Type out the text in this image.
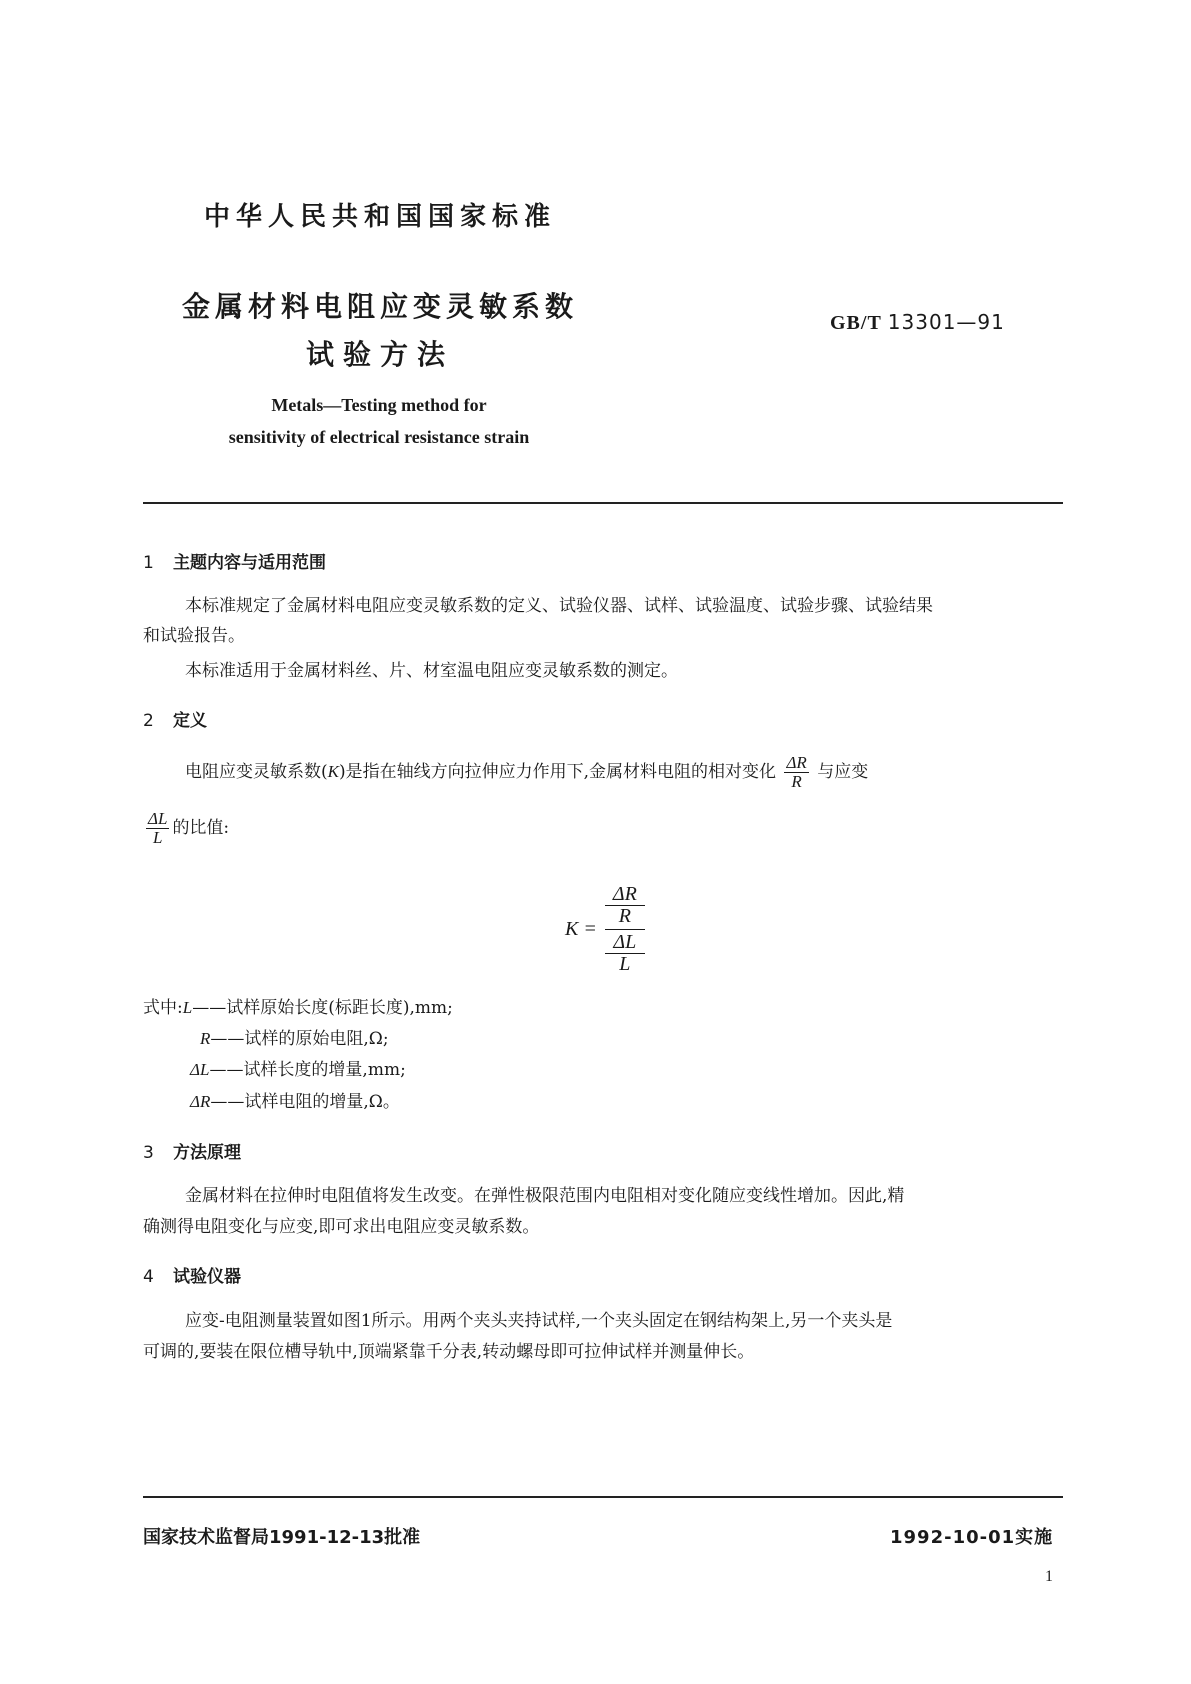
中华人民共和国国家标准
金属材料电阻应变灵敏系数
试验方法
GB/T 13301—91
Metals—Testing method for
sensitivity of electrical resistance strain
1 主题内容与适用范围
本标准规定了金属材料电阻应变灵敏系数的定义、试验仪器、试样、试验温度、试验步骤、试验结果
和试验报告。
本标准适用于金属材料丝、片、材室温电阻应变灵敏系数的测定。
2 定义
电阻应变灵敏系数(K)是指在轴线方向拉伸应力作用下,金属材料电阻的相对变化 $\frac{\Delta R}{R}$ 与应变
$\frac{\Delta L}{L}$ 的比值:
K =
ΔR
R
ΔL
L
式中:L——试样原始长度(标距长度),mm;
R——试样的原始电阻,Ω;
ΔL——试样长度的增量,mm;
ΔR——试样电阻的增量,Ω。
3 方法原理
金属材料在拉伸时电阻值将发生改变。在弹性极限范围内电阻相对变化随应变线性增加。因此,精
确测得电阻变化与应变,即可求出电阻应变灵敏系数。
4 试验仪器
应变-电阻测量装置如图1所示。用两个夹头夹持试样,一个夹头固定在钢结构架上,另一个夹头是
可调的,要装在限位槽导轨中,顶端紧靠千分表,转动螺母即可拉伸试样并测量伸长。
国家技术监督局1991-12-13批准	1992-10-01实施
1
